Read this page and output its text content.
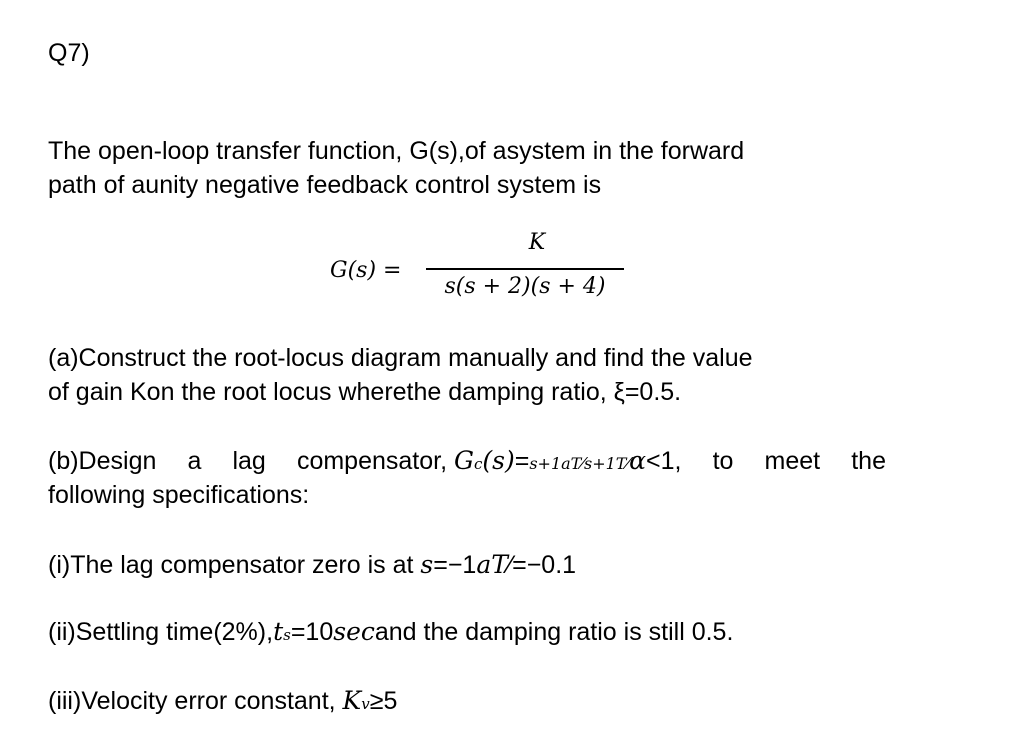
Q7)
The open-loop transfer function, G(s),of asystem in the forward
path of aunity negative feedback control system is
G(s) =
K
s(s + 2)(s + 4)
(a)Construct the root-locus diagram manually and find the value
of gain Kon the root locus wherethe damping ratio, ξ=0.5.
(b)Design a lag compensator, Gc(s)=s+1aT⁄s+1T⁄α<1, to meet the
following specifications:
(i)The lag compensator zero is at s=−1aT⁄=−0.1
(ii)Settling time(2%),ts=10secand the damping ratio is still 0.5.
(iii)Velocity error constant, Kv≥5
